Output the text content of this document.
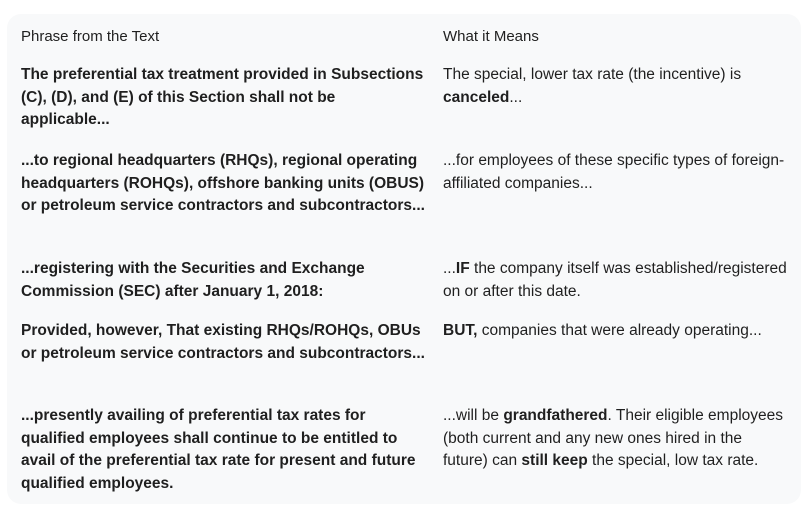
Phrase from the Text	What it Means
The preferential tax treatment provided in Subsections (C), (D), and (E) of this Section shall not be applicable...
The special, lower tax rate (the incentive) is canceled...
...to regional headquarters (RHQs), regional operating headquarters (ROHQs), offshore banking units (OBUS) or petroleum service contractors and subcontractors...
...for employees of these specific types of foreign-affiliated companies...
...registering with the Securities and Exchange Commission (SEC) after January 1, 2018:
...IF the company itself was established/registered on or after this date.
Provided, however, That existing RHQs/ROHQs, OBUs or petroleum service contractors and subcontractors...
BUT, companies that were already operating...
...presently availing of preferential tax rates for qualified employees shall continue to be entitled to avail of the preferential tax rate for present and future qualified employees.
...will be grandfathered. Their eligible employees (both current and any new ones hired in the future) can still keep the special, low tax rate.
